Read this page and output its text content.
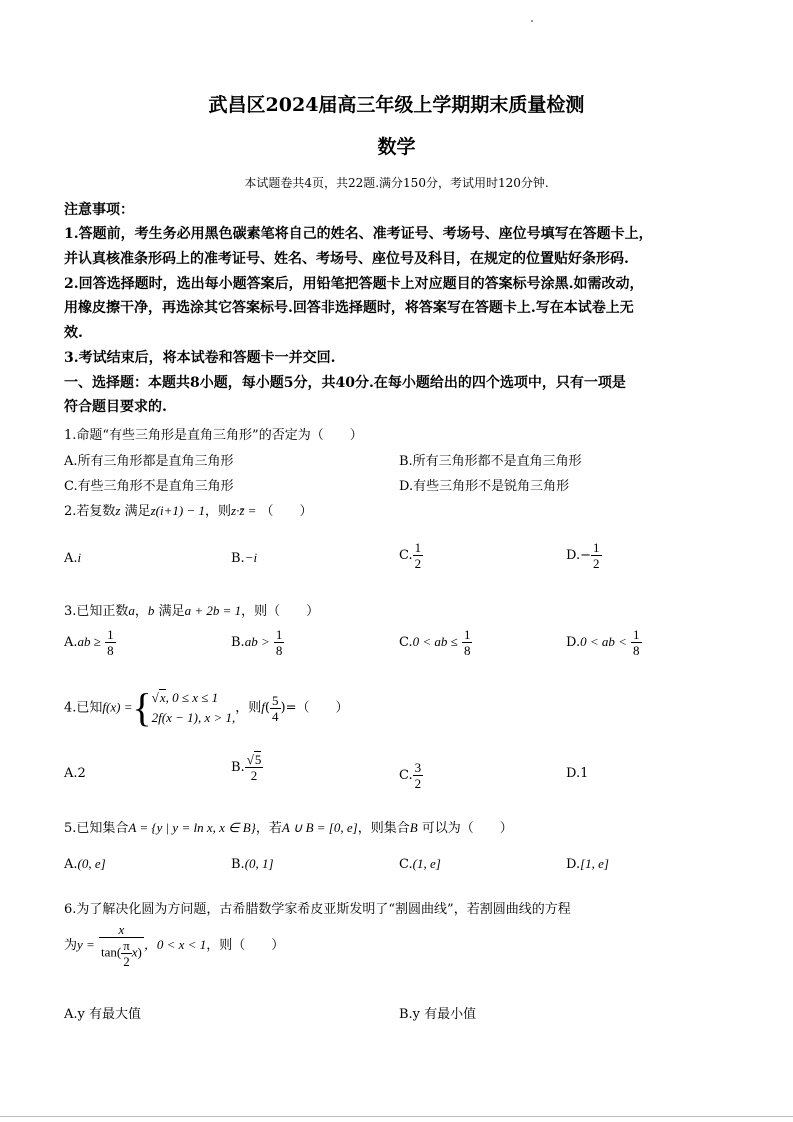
武昌区2024届高三年级上学期期末质量检测
数学
本试题卷共4页，共22题.满分150分，考试用时120分钟.
注意事项：
1.答题前，考生务必用黑色碳素笔将自己的姓名、准考证号、考场号、座位号填写在答题卡上，
并认真核准条形码上的准考证号、姓名、考场号、座位号及科目，在规定的位置贴好条形码.
2.回答选择题时，选出每小题答案后，用铅笔把答题卡上对应题目的答案标号涂黑.如需改动，
用橡皮擦干净，再选涂其它答案标号.回答非选择题时，将答案写在答题卡上.写在本试卷上无
效.
3.考试结束后，将本试卷和答题卡一并交回.
一、选择题：本题共8小题，每小题5分，共40分.在每小题给出的四个选项中，只有一项是
符合题目要求的.
1.命题“有些三角形是直角三角形”的否定为（　　）
A.所有三角形都是直角三角形	B.所有三角形都不是直角三角形
C.有些三角形不是直角三角形	D.有些三角形不是锐角三角形
2.若复数z 满足z(i+1) − 1，则z·z̄ = （　　）
A.i	B.−i	C. $\frac{1}{2}$	$D.- \frac{1}{2}$
3.已知正数a，b 满足a + 2b = 1，则（　　）
$A.ab \ge \frac{1}{8}$	$B.ab > \frac{1}{8}$	C.0 < ab ≤ $\frac{1}{8}$	D.0 < ab < $\frac{1}{8}$
4.已知f(x) ={√x, 0 ≤ x ≤ 1
2f(x − 1), x > 1,，则$f( \frac{5}{4}$ )=（　　）
A.2	B. $\frac{√5}{2}$	C. $\frac{3}{2}$	D.1
5.已知集合A = {y | y = ln x, x ∈ B}，若A ∪ B = [0, e]，则集合B 可以为（　　）
A.(0, e]	B.(0, 1]	C.(1, e]	D.[1, e]
6.为了解决化圆为方问题，古希腊数学家希皮亚斯发明了“割圆曲线”，若割圆曲线的方程
为$y = \frac{x}{\tan( \frac{\pi}{2} x)}$ ，0 < x < 1，则（　　）
A.y 有最大值	B.y 有最小值
